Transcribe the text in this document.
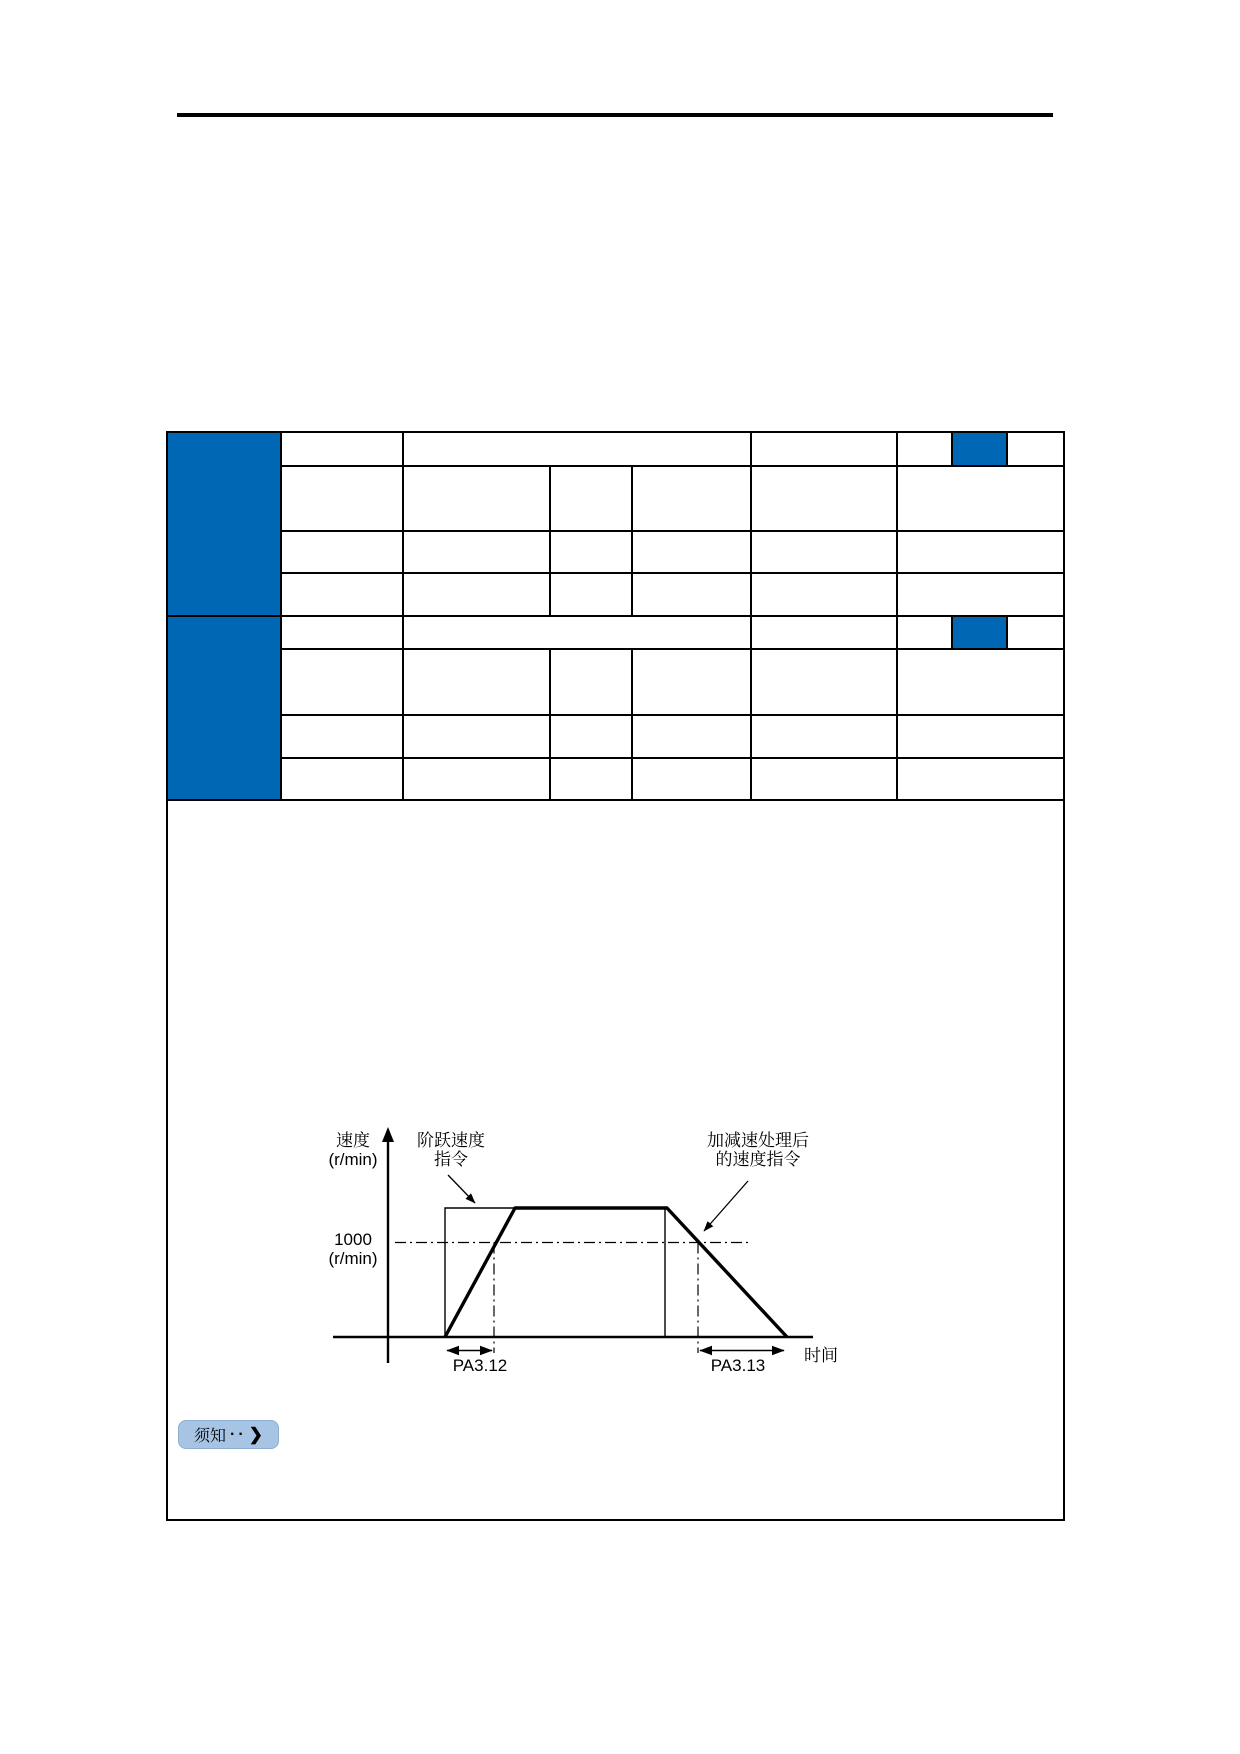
速度
(r/min)
阶跃速度
指令
加减速处理后
的速度指令
1000
(r/min)
时间
PA3.12	PA3.13
须知 ·· ❯
